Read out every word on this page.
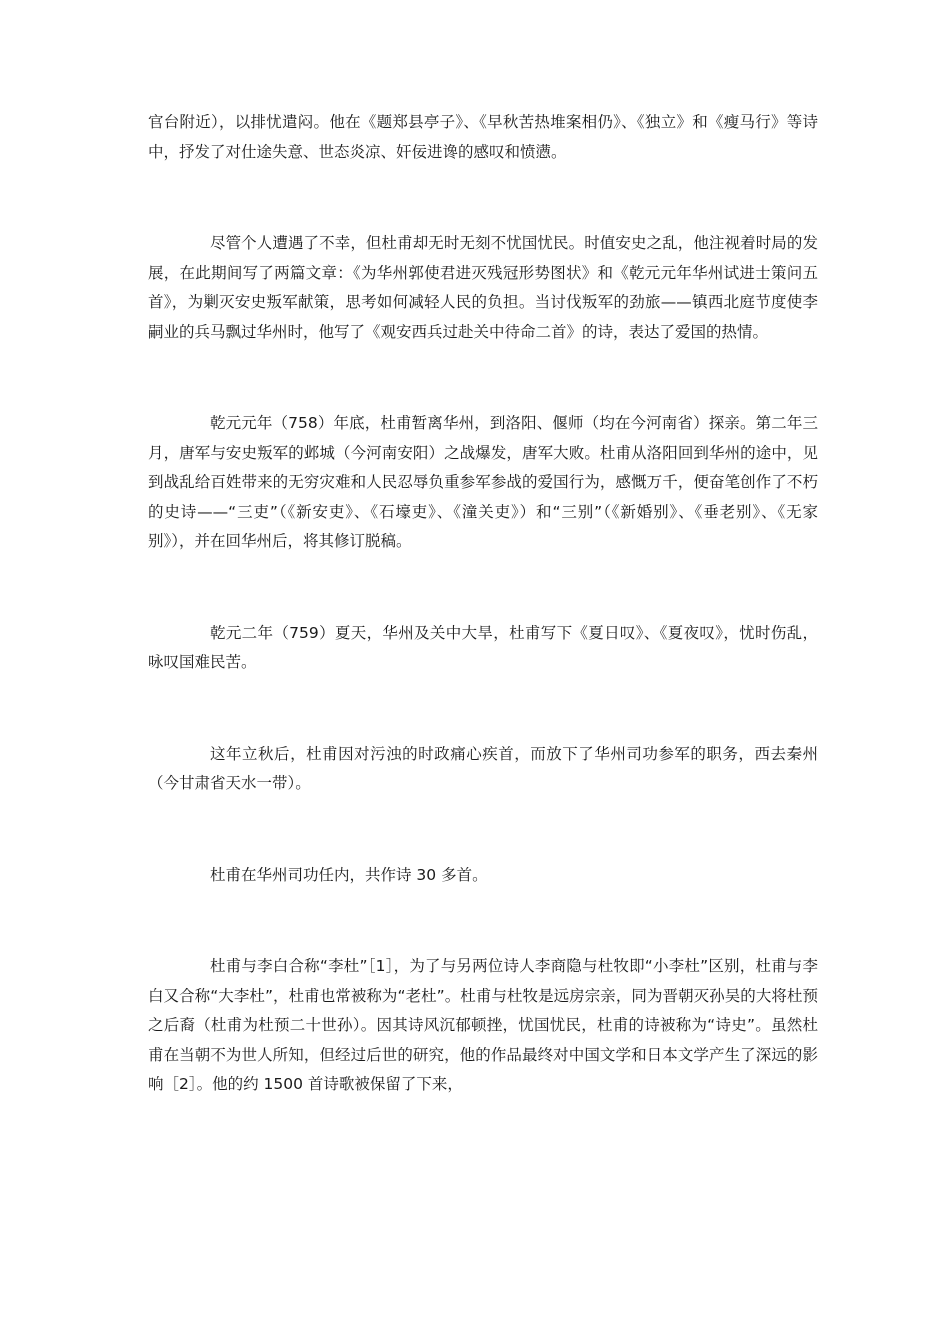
官台附近），以排忧遣闷。他在《题郑县亭子》、《早秋苦热堆案相仍》、《独立》和《瘦马行》等诗中，抒发了对仕途失意、世态炎凉、奸佞进谗的感叹和愤懑。

尽管个人遭遇了不幸，但杜甫却无时无刻不忧国忧民。时值安史之乱，他注视着时局的发展，在此期间写了两篇文章：《为华州郭使君进灭残冠形势图状》和《乾元元年华州试进士策问五首》，为剿灭安史叛军献策，思考如何减轻人民的负担。当讨伐叛军的劲旅——镇西北庭节度使李嗣业的兵马飘过华州时，他写了《观安西兵过赴关中待命二首》的诗，表达了爱国的热情。

乾元元年（758）年底，杜甫暂离华州，到洛阳、偃师（均在今河南省）探亲。第二年三月，唐军与安史叛军的邺城（今河南安阳）之战爆发，唐军大败。杜甫从洛阳回到华州的途中，见到战乱给百姓带来的无穷灾难和人民忍辱负重参军参战的爱国行为，感慨万千，便奋笔创作了不朽的史诗——“三吏”（《新安吏》、《石壕吏》、《潼关吏》）和“三别”（《新婚别》、《垂老别》、《无家别》），并在回华州后，将其修订脱稿。

乾元二年（759）夏天，华州及关中大旱，杜甫写下《夏日叹》、《夏夜叹》，忧时伤乱，咏叹国难民苦。

这年立秋后，杜甫因对污浊的时政痛心疾首，而放下了华州司功参军的职务，西去秦州（今甘肃省天水一带）。

杜甫在华州司功任内，共作诗 30 多首。

杜甫与李白合称“李杜”［1］，为了与另两位诗人李商隐与杜牧即“小李杜”区别，杜甫与李白又合称“大李杜”，杜甫也常被称为“老杜”。杜甫与杜牧是远房宗亲，同为晋朝灭孙吴的大将杜预之后裔（杜甫为杜预二十世孙）。因其诗风沉郁顿挫，忧国忧民，杜甫的诗被称为“诗史”。虽然杜甫在当朝不为世人所知，但经过后世的研究，他的作品最终对中国文学和日本文学产生了深远的影响［2］。他的约 1500 首诗歌被保留了下来，
